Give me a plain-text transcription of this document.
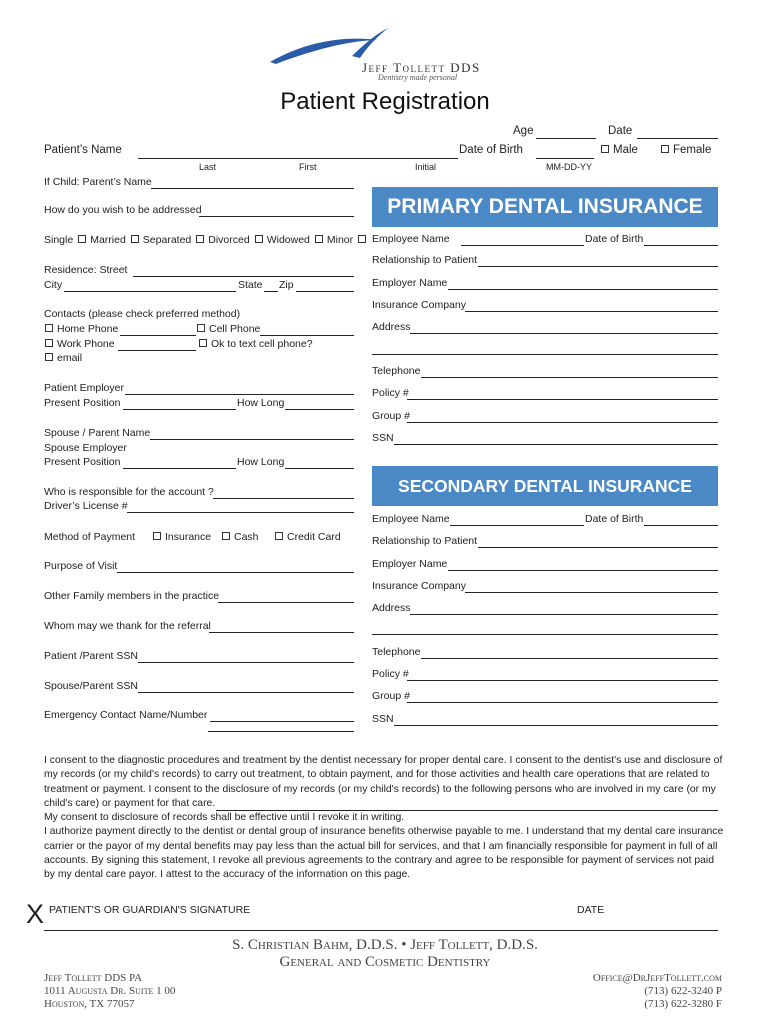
Jeff Tollett DDS
Dentistry made personal
Patient Registration
Age	Date
Patient’s Name	Date of Birth	Male	Female
Last	First	Initial	MM-DD-YY
If Child: Parent’s Name
How do you wish to be addressed
Single Married Separated Divorced Widowed Minor
Residence: Street
City	State Zip
Contacts (please check preferred method)
Home Phone	Cell Phone
Work Phone	Ok to text cell phone?
email
Patient Employer
Present Position	How Long
Spouse / Parent Name
Spouse Employer
Present Position	How Long
Who is responsible for the account ?
Driver’s License #
Method of Payment	Insurance	Cash	Credit Card
Purpose of Visit
Other Family members in the practice
Whom may we thank for the referral
Patient /Parent SSN
Spouse/Parent SSN
Emergency Contact Name/Number
PRIMARY DENTAL INSURANCE
Employee Name	Date of Birth
Relationship to Patient
Employer Name
Insurance Company
Address
Telephone
Policy #
Group #
SSN
SECONDARY DENTAL INSURANCE
Employee Name	Date of Birth
Relationship to Patient
Employer Name
Insurance Company
Address
Telephone
Policy #
Group #
SSN
I consent to the diagnostic procedures and treatment by the dentist necessary for proper dental care. I consent to the dentist's use and disclosure of my records (or my child's records) to carry out treatment, to obtain payment, and for those activities and health care operations that are related to treatment or payment. I consent to the disclosure of my records (or my child's records) to the following persons who are involved in my care (or my child's care) or payment for that care.
My consent to disclosure of records shall be effective until I revoke it in writing.
I authorize payment directly to the dentist or dental group of insurance benefits otherwise payable to me. I understand that my dental care insurance carrier or the payor of my dental benefits may pay less than the actual bill for services, and that I am financially responsible for payment in full of all accounts. By signing this statement, I revoke all previous agreements to the contrary and agree to be responsible for payment of services not paid by my dental care payor. I attest to the accuracy of the information on this page.
X PATIENT'S OR GUARDIAN'S SIGNATURE	DATE
S. Christian Bahm, D.D.S. • Jeff Tollett, D.D.S.
General and Cosmetic Dentistry
Jeff Tollett DDS PA
1011 Augusta Dr. Suite 1 00
Houston, TX 77057
Office@DrJeffTollett.com
(713) 622-3240 P
(713) 622-3280 F
